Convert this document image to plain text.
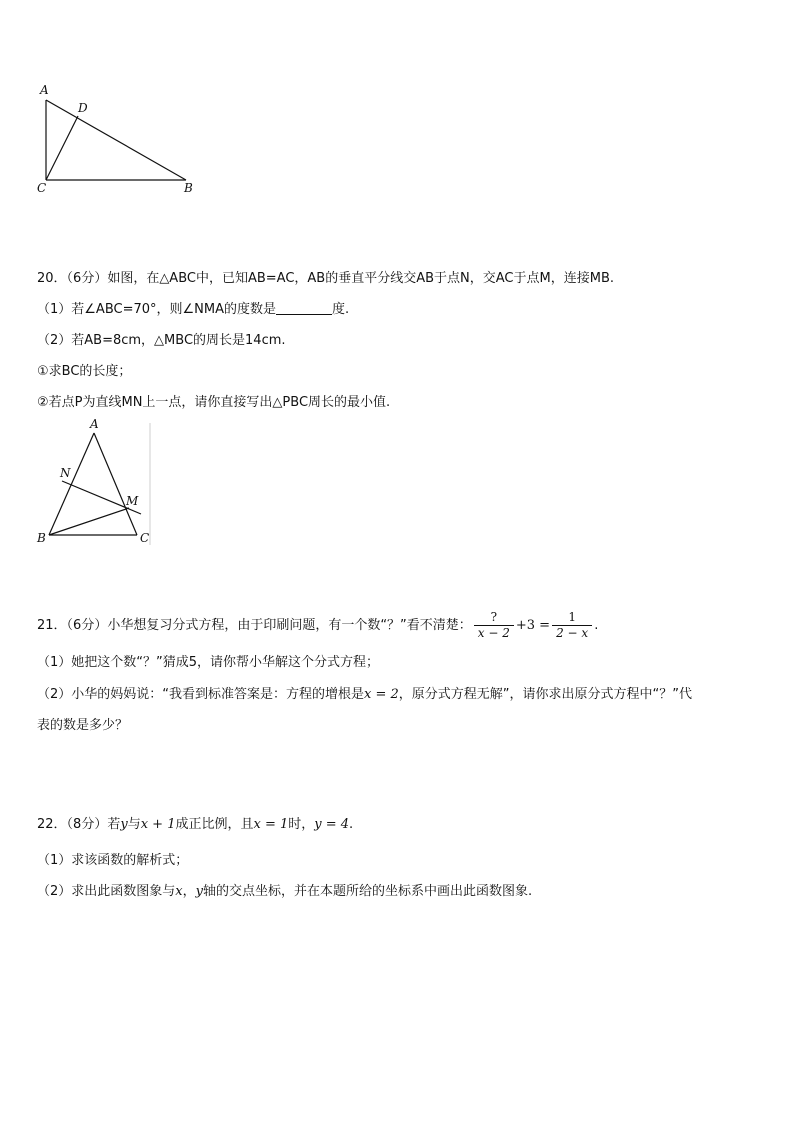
A
D
C	B
20．（6分）如图，在△ABC中，已知AB=AC，AB的垂直平分线交AB于点N，交AC于点M，连接MB.
（1）若∠ABC=70°，则∠NMA的度数是	度.
（2）若AB=8cm，△MBC的周长是14cm.
①求BC的长度；
②若点P为直线MN上一点，请你直接写出△PBC周长的最小值.
A
N
M
B	C
21．（6分）小华想复习分式方程，由于印刷问题，有一个数“？”看不清楚： $\frac{?}{x - 2} +3 = \frac{1}{2 - x}$ .
（1）她把这个数“？”猜成5，请你帮小华解这个分式方程；
（2）小华的妈妈说：“我看到标准答案是：方程的增根是x = 2，原分式方程无解”，请你求出原分式方程中“？”代
表的数是多少？
22．（8分）若y与x + 1成正比例，且x = 1时，y = 4.
（1）求该函数的解析式；
（2）求出此函数图象与x，y轴的交点坐标，并在本题所给的坐标系中画出此函数图象.
